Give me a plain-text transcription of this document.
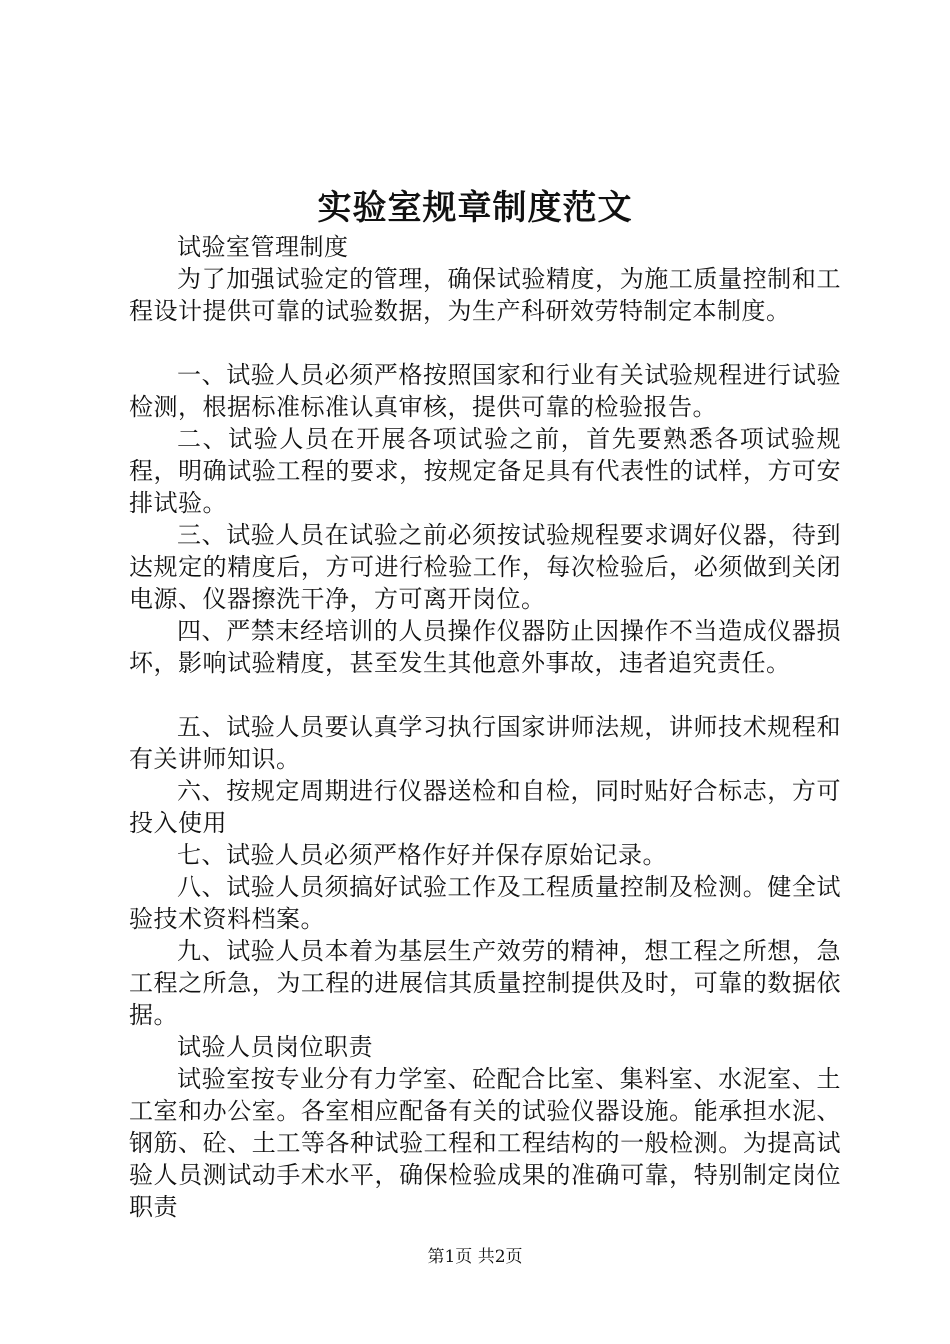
实验室规章制度范文

试验室管理制度

为了加强试验定的管理，确保试验精度，为施工质量控制和工程设计提供可靠的试验数据，为生产科研效劳特制定本制度。

一、试验人员必须严格按照国家和行业有关试验规程进行试验检测，根据标准标准认真审核，提供可靠的检验报告。

二、试验人员在开展各项试验之前，首先要熟悉各项试验规程，明确试验工程的要求，按规定备足具有代表性的试样，方可安排试验。

三、试验人员在试验之前必须按试验规程要求调好仪器，待到达规定的精度后，方可进行检验工作，每次检验后，必须做到关闭电源、仪器擦洗干净，方可离开岗位。

四、严禁末经培训的人员操作仪器防止因操作不当造成仪器损坏，影响试验精度，甚至发生其他意外事故，违者追究责任。

五、试验人员要认真学习执行国家讲师法规，讲师技术规程和有关讲师知识。

六、按规定周期进行仪器送检和自检，同时贴好合标志，方可投入使用

七、试验人员必须严格作好并保存原始记录。

八、试验人员须搞好试验工作及工程质量控制及检测。健全试验技术资料档案。

九、试验人员本着为基层生产效劳的精神，想工程之所想，急工程之所急，为工程的进展信其质量控制提供及时，可靠的数据依据。

试验人员岗位职责

试验室按专业分有力学室、砼配合比室、集料室、水泥室、土工室和办公室。各室相应配备有关的试验仪器设施。能承担水泥、钢筋、砼、土工等各种试验工程和工程结构的一般检测。为提高试验人员测试动手术水平，确保检验成果的准确可靠，特别制定岗位职责

第1页 共2页
